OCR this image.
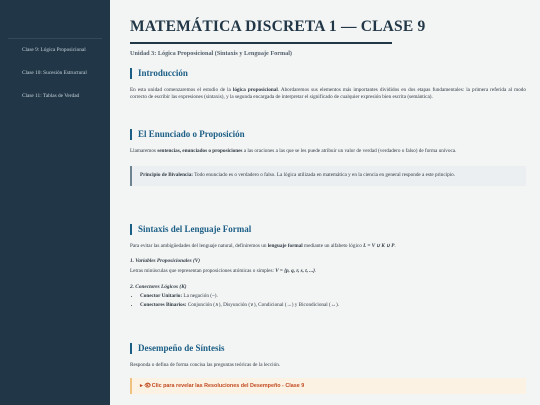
Clase 9: Lógica Proposicional
Clase 10: Sucesión Estructural
Clase 11: Tablas de Verdad
MATEMÁTICA DISCRETA 1 — CLASE 9
Unidad 3: Lógica Proposicional (Sintaxis y Lenguaje Formal)
Introducción

En esta unidad comenzaremos el estudio de la lógica proposicional. Abordaremos sus elementos más importantes divididos en dos etapas fundamentales: la primera referida al modo correcto de escribir las expresiones (sintaxis), y la segunda encargada de interpretar el significado de cualquier expresión bien escrita (semántica).

El Enunciado o Proposición

Llamaremos sentencias, enunciados o proposiciones a las oraciones a las que se les puede atribuir un valor de verdad (verdadero o falso) de forma unívoca.

Principio de Bivalencia: Todo enunciado es o verdadero o falso. La lógica utilizada en matemática y en la ciencia en general responde a este principio.

Sintaxis del Lenguaje Formal

Para evitar las ambigüedades del lenguaje natural, definiremos un lenguaje formal mediante un alfabeto lógico L = V ∪ K ∪ P.

1. Variables Proposicionales (V)

Letras minúsculas que representan proposiciones atómicas o simples: V = {p, q, r, s, t, ...}.

2. Conectores Lógicos (K)
• Conector Unitario: La negación (~).
• Conectores Binarios: Conjunción (∧), Disyunción (∨), Condicional (→) y Bicondicional (↔).
Desempeño de Síntesis

Responda o defina de forma concisa las preguntas teóricas de la lección.

▸ 👁 Clic para revelar las Resoluciones del Desempeño - Clase 9
